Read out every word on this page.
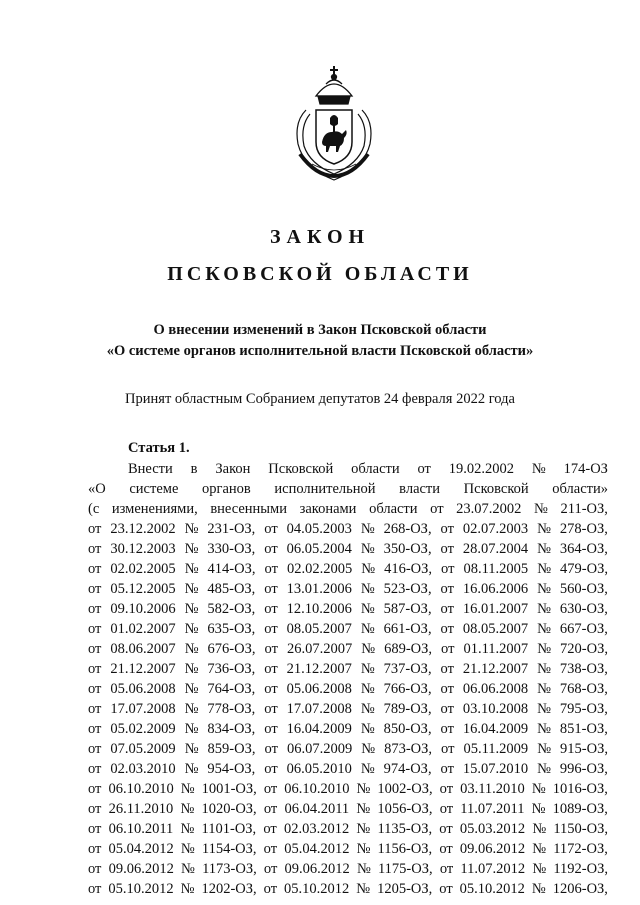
ЗАКОН
ПСКОВСКОЙ ОБЛАСТИ
О внесении изменений в Закон Псковской области
«О системе органов исполнительной власти Псковской области»
Принят областным Собранием депутатов 24 февраля 2022 года
Статья 1.
Внести в Закон Псковской области от 19.02.2002 № 174-ОЗ
«О системе органов исполнительной власти Псковской области»
(с изменениями, внесенными законами области от 23.07.2002 № 211-ОЗ,
от 23.12.2002 № 231-ОЗ, от 04.05.2003 № 268-ОЗ, от 02.07.2003 № 278-ОЗ,
от 30.12.2003 № 330-ОЗ, от 06.05.2004 № 350-ОЗ, от 28.07.2004 № 364-ОЗ,
от 02.02.2005 № 414-ОЗ, от 02.02.2005 № 416-ОЗ, от 08.11.2005 № 479-ОЗ,
от 05.12.2005 № 485-ОЗ, от 13.01.2006 № 523-ОЗ, от 16.06.2006 № 560-ОЗ,
от 09.10.2006 № 582-ОЗ, от 12.10.2006 № 587-ОЗ, от 16.01.2007 № 630-ОЗ,
от 01.02.2007 № 635-ОЗ, от 08.05.2007 № 661-ОЗ, от 08.05.2007 № 667-ОЗ,
от 08.06.2007 № 676-ОЗ, от 26.07.2007 № 689-ОЗ, от 01.11.2007 № 720-ОЗ,
от 21.12.2007 № 736-ОЗ, от 21.12.2007 № 737-ОЗ, от 21.12.2007 № 738-ОЗ,
от 05.06.2008 № 764-ОЗ, от 05.06.2008 № 766-ОЗ, от 06.06.2008 № 768-ОЗ,
от 17.07.2008 № 778-ОЗ, от 17.07.2008 № 789-ОЗ, от 03.10.2008 № 795-ОЗ,
от 05.02.2009 № 834-ОЗ, от 16.04.2009 № 850-ОЗ, от 16.04.2009 № 851-ОЗ,
от 07.05.2009 № 859-ОЗ, от 06.07.2009 № 873-ОЗ, от 05.11.2009 № 915-ОЗ,
от 02.03.2010 № 954-ОЗ, от 06.05.2010 № 974-ОЗ, от 15.07.2010 № 996-ОЗ,
от 06.10.2010 № 1001-ОЗ, от 06.10.2010 № 1002-ОЗ, от 03.11.2010 № 1016-ОЗ,
от 26.11.2010 № 1020-ОЗ, от 06.04.2011 № 1056-ОЗ, от 11.07.2011 № 1089-ОЗ,
от 06.10.2011 № 1101-ОЗ, от 02.03.2012 № 1135-ОЗ, от 05.03.2012 № 1150-ОЗ,
от 05.04.2012 № 1154-ОЗ, от 05.04.2012 № 1156-ОЗ, от 09.06.2012 № 1172-ОЗ,
от 09.06.2012 № 1173-ОЗ, от 09.06.2012 № 1175-ОЗ, от 11.07.2012 № 1192-ОЗ,
от 05.10.2012 № 1202-ОЗ, от 05.10.2012 № 1205-ОЗ, от 05.10.2012 № 1206-ОЗ,
